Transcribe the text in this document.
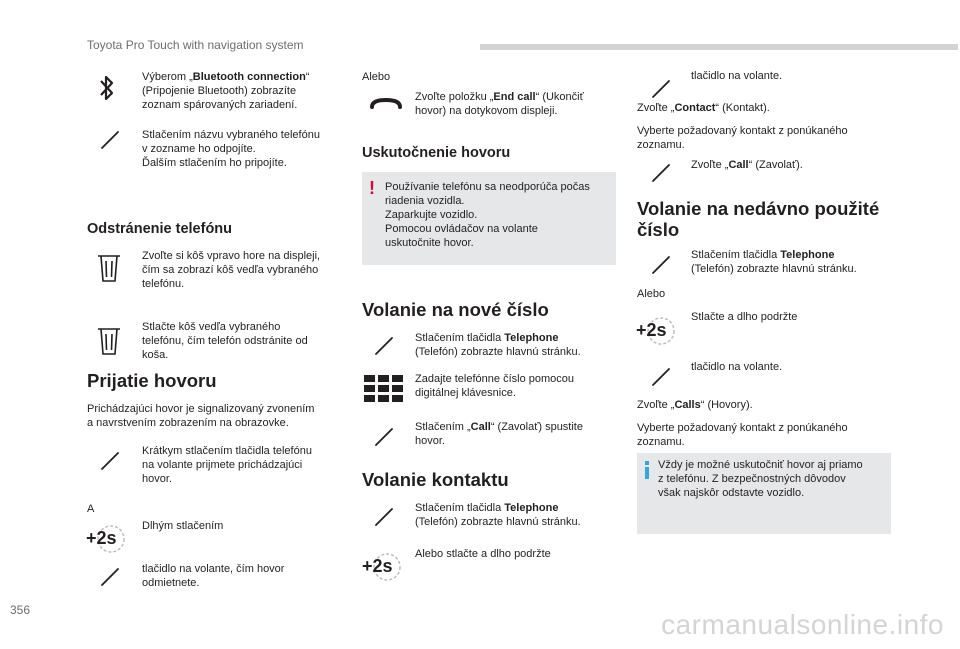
Toyota Pro Touch with navigation system
Výberom „Bluetooth connection“
(Pripojenie Bluetooth) zobrazíte
zoznam spárovaných zariadení.
Stlačením názvu vybraného telefónu
v zozname ho odpojíte.
Ďalším stlačením ho pripojíte.
Odstránenie telefónu
Zvoľte si kôš vpravo hore na displeji,
čím sa zobrazí kôš vedľa vybraného
telefónu.
Stlačte kôš vedľa vybraného
telefónu, čím telefón odstránite od
koša.
Prijatie hovoru
Prichádzajúci hovor je signalizovaný zvonením
a navrstvením zobrazením na obrazovke.
Krátkym stlačením tlačidla telefónu
na volante prijmete prichádzajúci
hovor.
A
+2s
Dlhým stlačením
tlačidlo na volante, čím hovor
odmietnete.
Alebo
Zvoľte položku „End call“ (Ukončiť
hovor) na dotykovom displeji.
Uskutočnenie hovoru
! Používanie telefónu sa neodporúča počas
riadenia vozidla.
Zaparkujte vozidlo.
Pomocou ovládačov na volante
uskutočnite hovor.
Volanie na nové číslo
Stlačením tlačidla Telephone
(Telefón) zobrazte hlavnú stránku.
Zadajte telefónne číslo pomocou
digitálnej klávesnice.
Stlačením „Call“ (Zavolať) spustite
hovor.
Volanie kontaktu
Stlačením tlačidla Telephone
(Telefón) zobrazte hlavnú stránku.
+2s
Alebo stlačte a dlho podržte
tlačidlo na volante.
Zvoľte „Contact“ (Kontakt).
Vyberte požadovaný kontakt z ponúkaného
zoznamu.
Zvoľte „Call“ (Zavolať).
Volanie na nedávno použité
číslo
Stlačením tlačidla Telephone
(Telefón) zobrazte hlavnú stránku.
Alebo
+2s
Stlačte a dlho podržte
tlačidlo na volante.
Zvoľte „Calls“ (Hovory).
Vyberte požadovaný kontakt z ponúkaného
zoznamu.
Vždy je možné uskutočniť hovor aj priamo
z telefónu. Z bezpečnostných dôvodov
však najskôr odstavte vozidlo.
356	carmanualsonline.info
